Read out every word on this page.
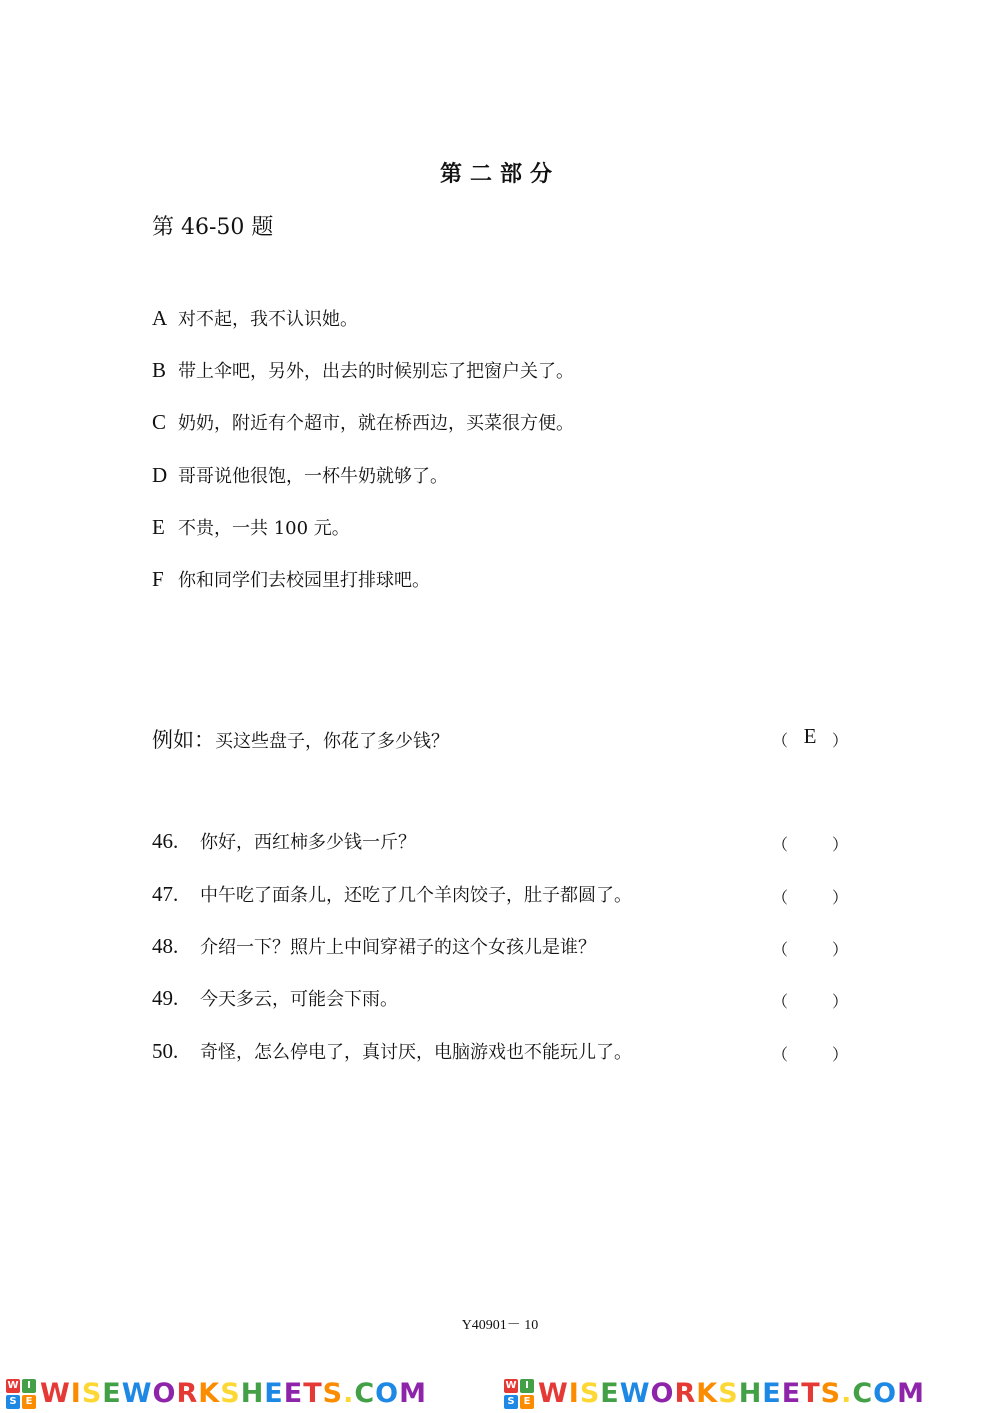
第二部分
第 46-50 题
A 对不起，我不认识她。
B 带上伞吧，另外，出去的时候别忘了把窗户关了。
C 奶奶，附近有个超市，就在桥西边，买菜很方便。
D 哥哥说他很饱，一杯牛奶就够了。
E 不贵，一共 100 元。
F 你和同学们去校园里打排球吧。
例如：买这些盘子，你花了多少钱？	（ E ）
46. 你好，西红柿多少钱一斤？	（	）
47. 中午吃了面条儿，还吃了几个羊肉饺子，肚子都圆了。	（	）
48. 介绍一下？照片上中间穿裙子的这个女孩儿是谁？	（	）
49. 今天多云，可能会下雨。	（	）
50. 奇怪，怎么停电了，真讨厌，电脑游戏也不能玩儿了。	（	）
Y40901－ 10
W I
S E WISEWORKSHEETS.COM	W I
S E WISEWORKSHEETS.COM
